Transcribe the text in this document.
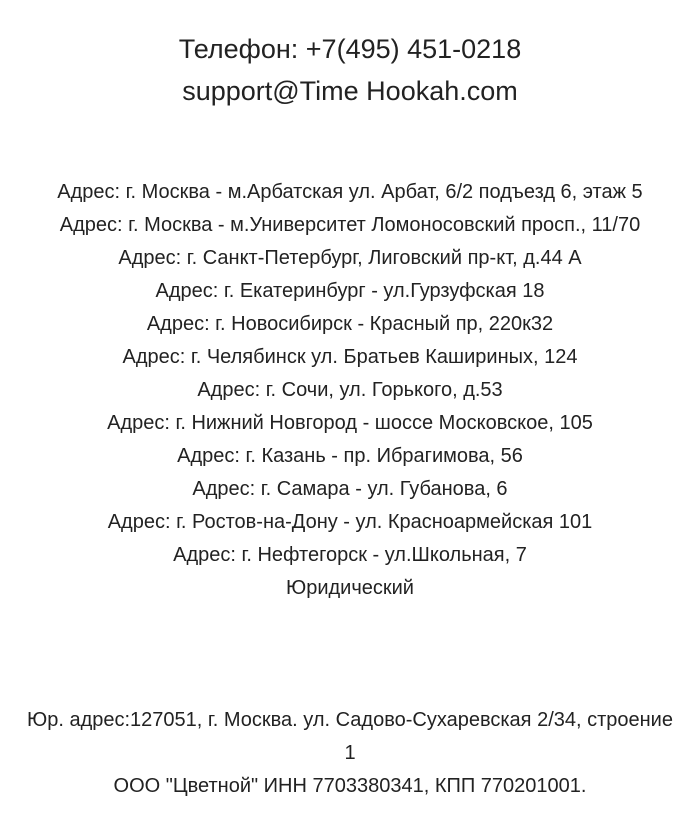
Телефон: +7(495) 451-0218
support@Time Hookah.com
Адрес: г. Москва - м.Арбатская ул. Арбат, 6/2 подъезд 6, этаж 5
Адрес: г. Москва - м.Университет Ломоносовский просп., 11/70
Адрес: г. Санкт-Петербург, Лиговский пр-кт, д.44 А
Адрес: г. Екатеринбург - ул.Гурзуфская 18
Адрес: г. Новосибирск - Красный пр, 220к32
Адрес: г. Челябинск ул. Братьев Кашириных, 124
Адрес: г. Сочи, ул. Горького, д.53
Адрес: г. Нижний Новгород - шоссе Московское, 105
Адрес: г. Казань - пр. Ибрагимова, 56
Адрес: г. Самара - ул. Губанова, 6
Адрес: г. Ростов-на-Дону - ул. Красноармейская 101
Адрес: г. Нефтегорск - ул.Школьная, 7
Юридический
Юр. адрес:127051, г. Москва. ул. Садово-Сухаревская 2/34, строение 1
ООО "Цветной" ИНН 7703380341, КПП 770201001.
